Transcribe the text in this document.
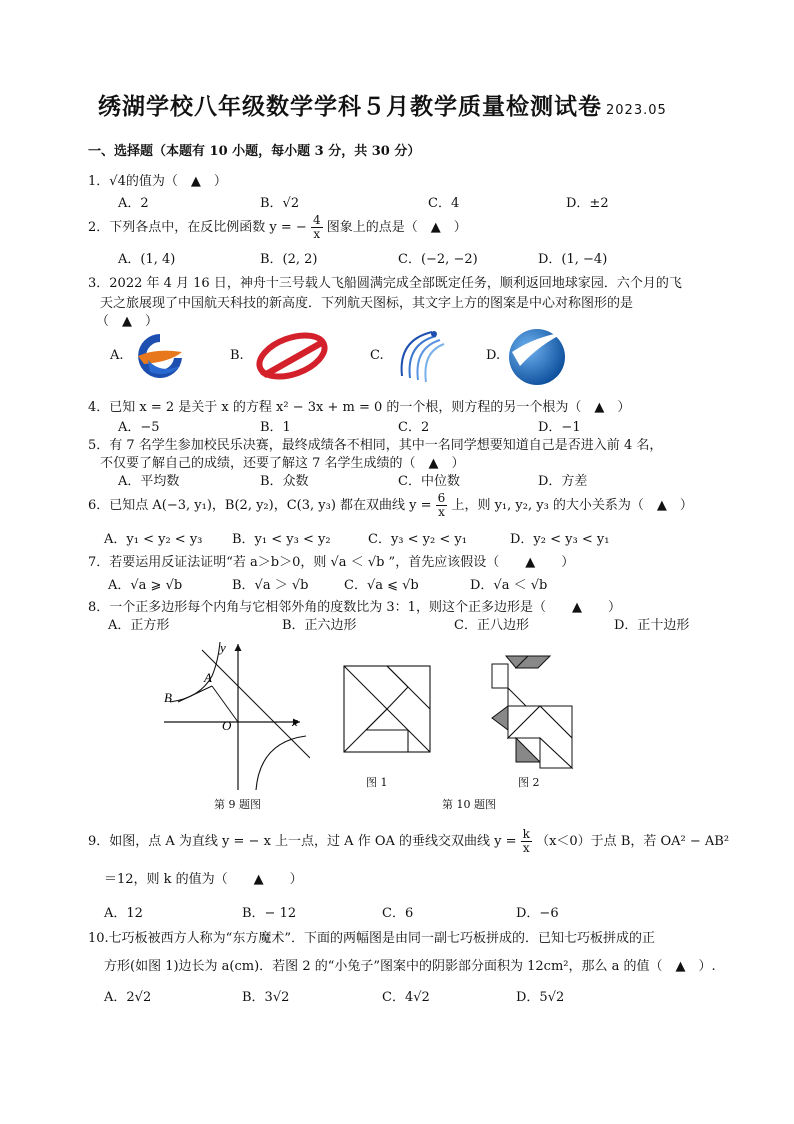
绣湖学校八年级数学学科５月教学质量检测试卷 2023.05
一、选择题（本题有 10 小题，每小题 3 分，共 30 分）
1．√4的值为（　▲　）
A．2	B．√2	C．4	D．±2
2．下列各点中，在反比例函数 y = − $\frac{4}{x}$ 图象上的点是（　▲　）
A．(1, 4)	B．(2, 2)	C．(−2, −2)	D．(1, −4)
3．2022 年 4 月 16 日，神舟十三号载人飞船圆满完成全部既定任务，顺利返回地球家园．六个月的飞
天之旅展现了中国航天科技的新高度．下列航天图标，其文字上方的图案是中心对称图形的是
（　▲　）
A.	B.	C.	D.
4．已知 x = 2 是关于 x 的方程 x² − 3x + m = 0 的一个根，则方程的另一个根为（　▲　）
A．−5	B．1	C．2	D．−1
5．有 7 名学生参加校民乐决赛，最终成绩各不相同，其中一名同学想要知道自己是否进入前 4 名，
不仅要了解自己的成绩，还要了解这 7 名学生成绩的（　▲　）
A．平均数	B．众数	C．中位数	D．方差
6．已知点 A(−3, y₁)，B(2, y₂)，C(3, y₃) 都在双曲线 $y = \frac{6}{x}$ 上，则 y₁, y₂, y₃ 的大小关系为（　▲　）
A．y₁ < y₂ < y₃ B．y₁ < y₃ < y₂	C．y₃ < y₂ < y₁	D．y₂ < y₃ < y₁
7．若要运用反证法证明“若 a＞b＞0，则 √a ＜ √b ”，首先应该假设（　　▲　　）
A．√a ⩾ √b	B．√a ＞ √b	C．√a ⩽ √b	D．√a ＜ √b
8．一个正多边形每个内角与它相邻外角的度数比为 3：1，则这个正多边形是（　　▲　　）
A．正方形	B．正六边形	C．正八边形	D．正十边形
y
x
O
A
B
图 1	图 2
第 9 题图	第 10 题图
9．如图，点 A 为直线 y = − x 上一点，过 A 作 OA 的垂线交双曲线 $y = \frac{k}{x} (x<0)$于点 B，若 OA² − AB²
＝12，则 k 的值为（　　▲　　）
A．12	B．− 12	C．6	D．−6
10.七巧板被西方人称为“东方魔术”．下面的两幅图是由同一副七巧板拼成的．已知七巧板拼成的正
方形(如图 1)边长为 a(cm)．若图 2 的“小兔子”图案中的阴影部分面积为 12cm²，那么 a 的值（　▲　）.
A．2√2	B．3√2	C．4√2	D．5√2
